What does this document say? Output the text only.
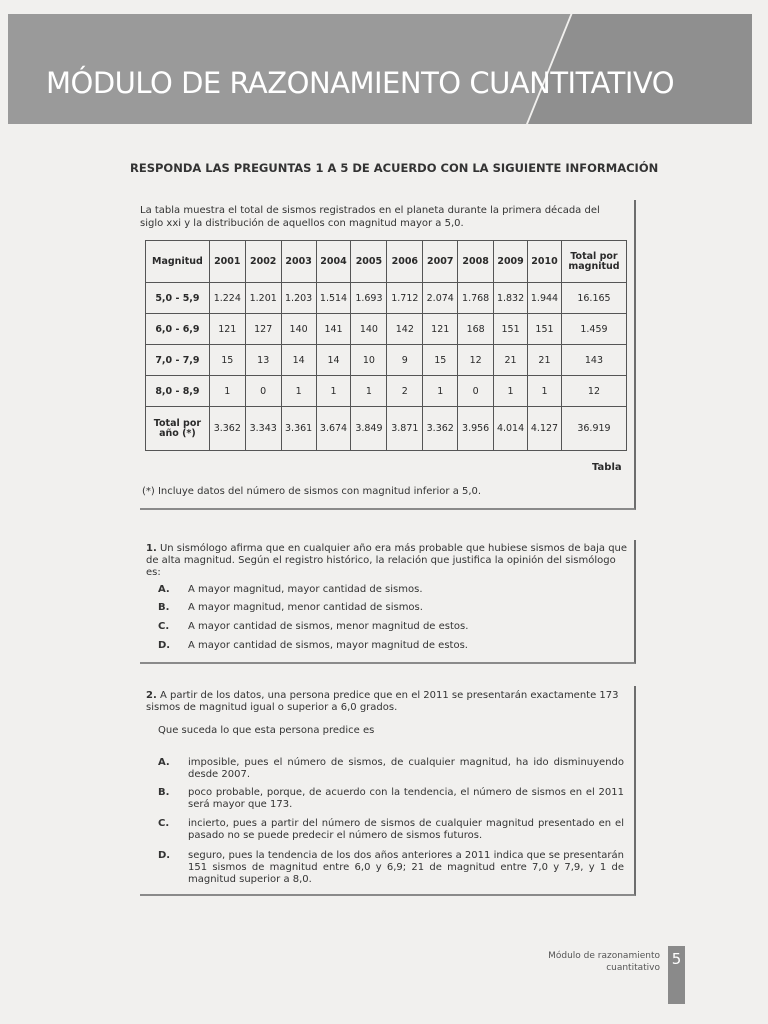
MÓDULO DE RAZONAMIENTO CUANTITATIVO
RESPONDA LAS PREGUNTAS 1 A 5 DE ACUERDO CON LA SIGUIENTE INFORMACIÓN
La tabla muestra el total de sismos registrados en el planeta durante la primera década del siglo xxi y la distribución de aquellos con magnitud mayor a 5,0.
Magnitud	2001	2002	2003	2004	2005	2006	2007	2008	2009	2010	Total por magnitud
5,0 - 5,9	1.224	1.201	1.203	1.514	1.693	1.712	2.074	1.768	1.832	1.944	16.165
6,0 - 6,9	121	127	140	141	140	142	121	168	151	151	1.459
7,0 - 7,9	15	13	14	14	10	9	15	12	21	21	143
8,0 - 8,9	1	0	1	1	1	2	1	0	1	1	12
Total por año (*)	3.362	3.343	3.361	3.674	3.849	3.871	3.362	3.956	4.014	4.127	36.919
Tabla
(*) Incluye datos del número de sismos con magnitud inferior a 5,0.
1. Un sismólogo afirma que en cualquier año era más probable que hubiese sismos de baja que de alta magnitud. Según el registro histórico, la relación que justifica la opinión del sismólogo es:
A. A mayor magnitud, mayor cantidad de sismos.
B. A mayor magnitud, menor cantidad de sismos.
C. A mayor cantidad de sismos, menor magnitud de estos.
D. A mayor cantidad de sismos, mayor magnitud de estos.
2. A partir de los datos, una persona predice que en el 2011 se presentarán exactamente 173 sismos de magnitud igual o superior a 6,0 grados.
Que suceda lo que esta persona predice es
A. imposible, pues el número de sismos, de cualquier magnitud, ha ido disminuyendo desde 2007.
B. poco probable, porque, de acuerdo con la tendencia, el número de sismos en el 2011 será mayor que 173.
C. incierto, pues a partir del número de sismos de cualquier magnitud presentado en el pasado no se puede predecir el número de sismos futuros.
D. seguro, pues la tendencia de los dos años anteriores a 2011 indica que se presentarán 151 sismos de magnitud entre 6,0 y 6,9; 21 de magnitud entre 7,0 y 7,9, y 1 de magnitud superior a 8,0.
Módulo de razonamiento
cuantitativo 5
